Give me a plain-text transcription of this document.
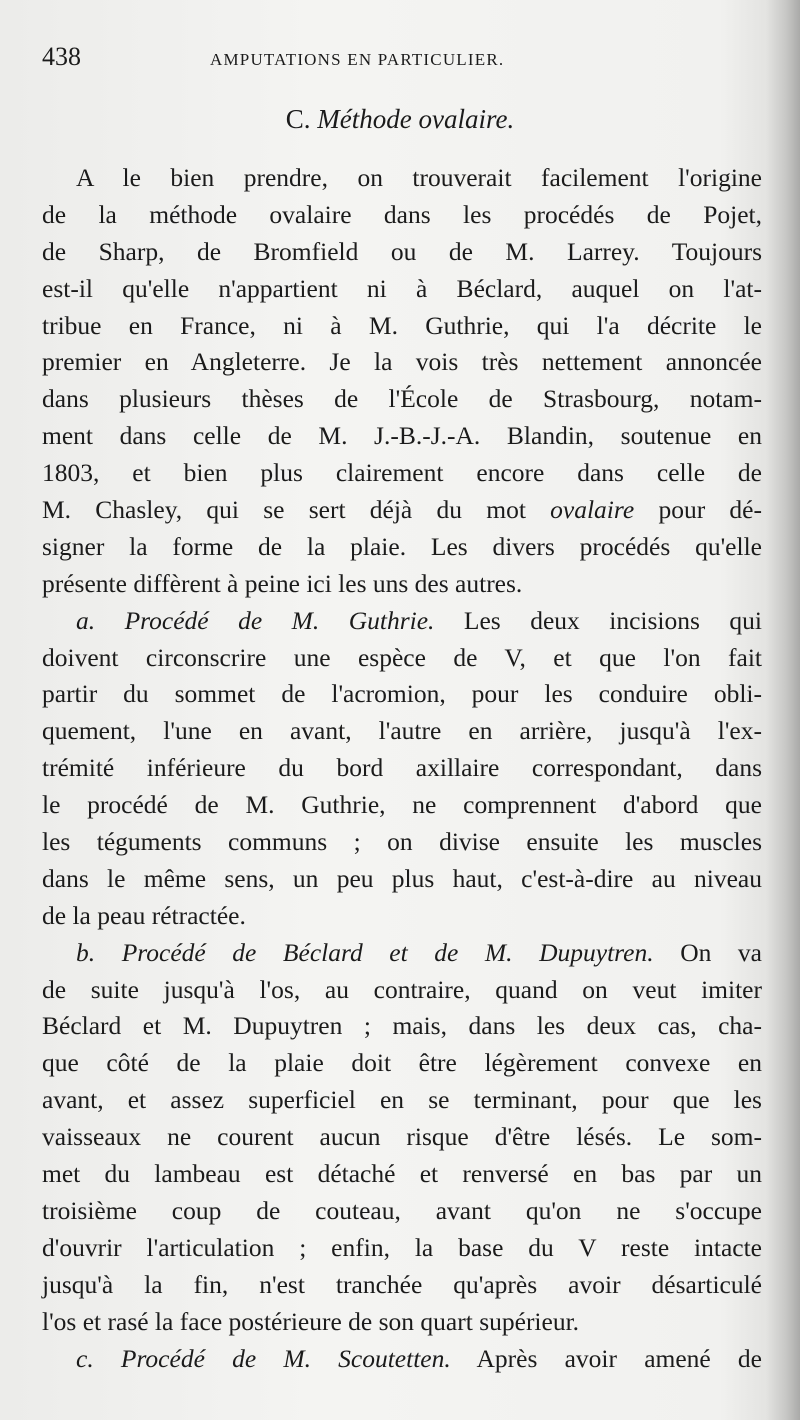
438	AMPUTATIONS EN PARTICULIER.
C. Méthode ovalaire.
A le bien prendre, on trouverait facilement l'origine
de la méthode ovalaire dans les procédés de Pojet,
de Sharp, de Bromfield ou de M. Larrey. Toujours
est-il qu'elle n'appartient ni à Béclard, auquel on l'at-
tribue en France, ni à M. Guthrie, qui l'a décrite le
premier en Angleterre. Je la vois très nettement annoncée
dans plusieurs thèses de l'École de Strasbourg, notam-
ment dans celle de M. J.-B.-J.-A. Blandin, soutenue en
1803, et bien plus clairement encore dans celle de
M. Chasley, qui se sert déjà du mot ovalaire pour dé-
signer la forme de la plaie. Les divers procédés qu'elle
présente diffèrent à peine ici les uns des autres.
a. Procédé de M. Guthrie. Les deux incisions qui
doivent circonscrire une espèce de V, et que l'on fait
partir du sommet de l'acromion, pour les conduire obli-
quement, l'une en avant, l'autre en arrière, jusqu'à l'ex-
trémité inférieure du bord axillaire correspondant, dans
le procédé de M. Guthrie, ne comprennent d'abord que
les téguments communs ; on divise ensuite les muscles
dans le même sens, un peu plus haut, c'est-à-dire au niveau
de la peau rétractée.
b. Procédé de Béclard et de M. Dupuytren. On va
de suite jusqu'à l'os, au contraire, quand on veut imiter
Béclard et M. Dupuytren ; mais, dans les deux cas, cha-
que côté de la plaie doit être légèrement convexe en
avant, et assez superficiel en se terminant, pour que les
vaisseaux ne courent aucun risque d'être lésés. Le som-
met du lambeau est détaché et renversé en bas par un
troisième coup de couteau, avant qu'on ne s'occupe
d'ouvrir l'articulation ; enfin, la base du V reste intacte
jusqu'à la fin, n'est tranchée qu'après avoir désarticulé
l'os et rasé la face postérieure de son quart supérieur.
c. Procédé de M. Scoutetten. Après avoir amené de
